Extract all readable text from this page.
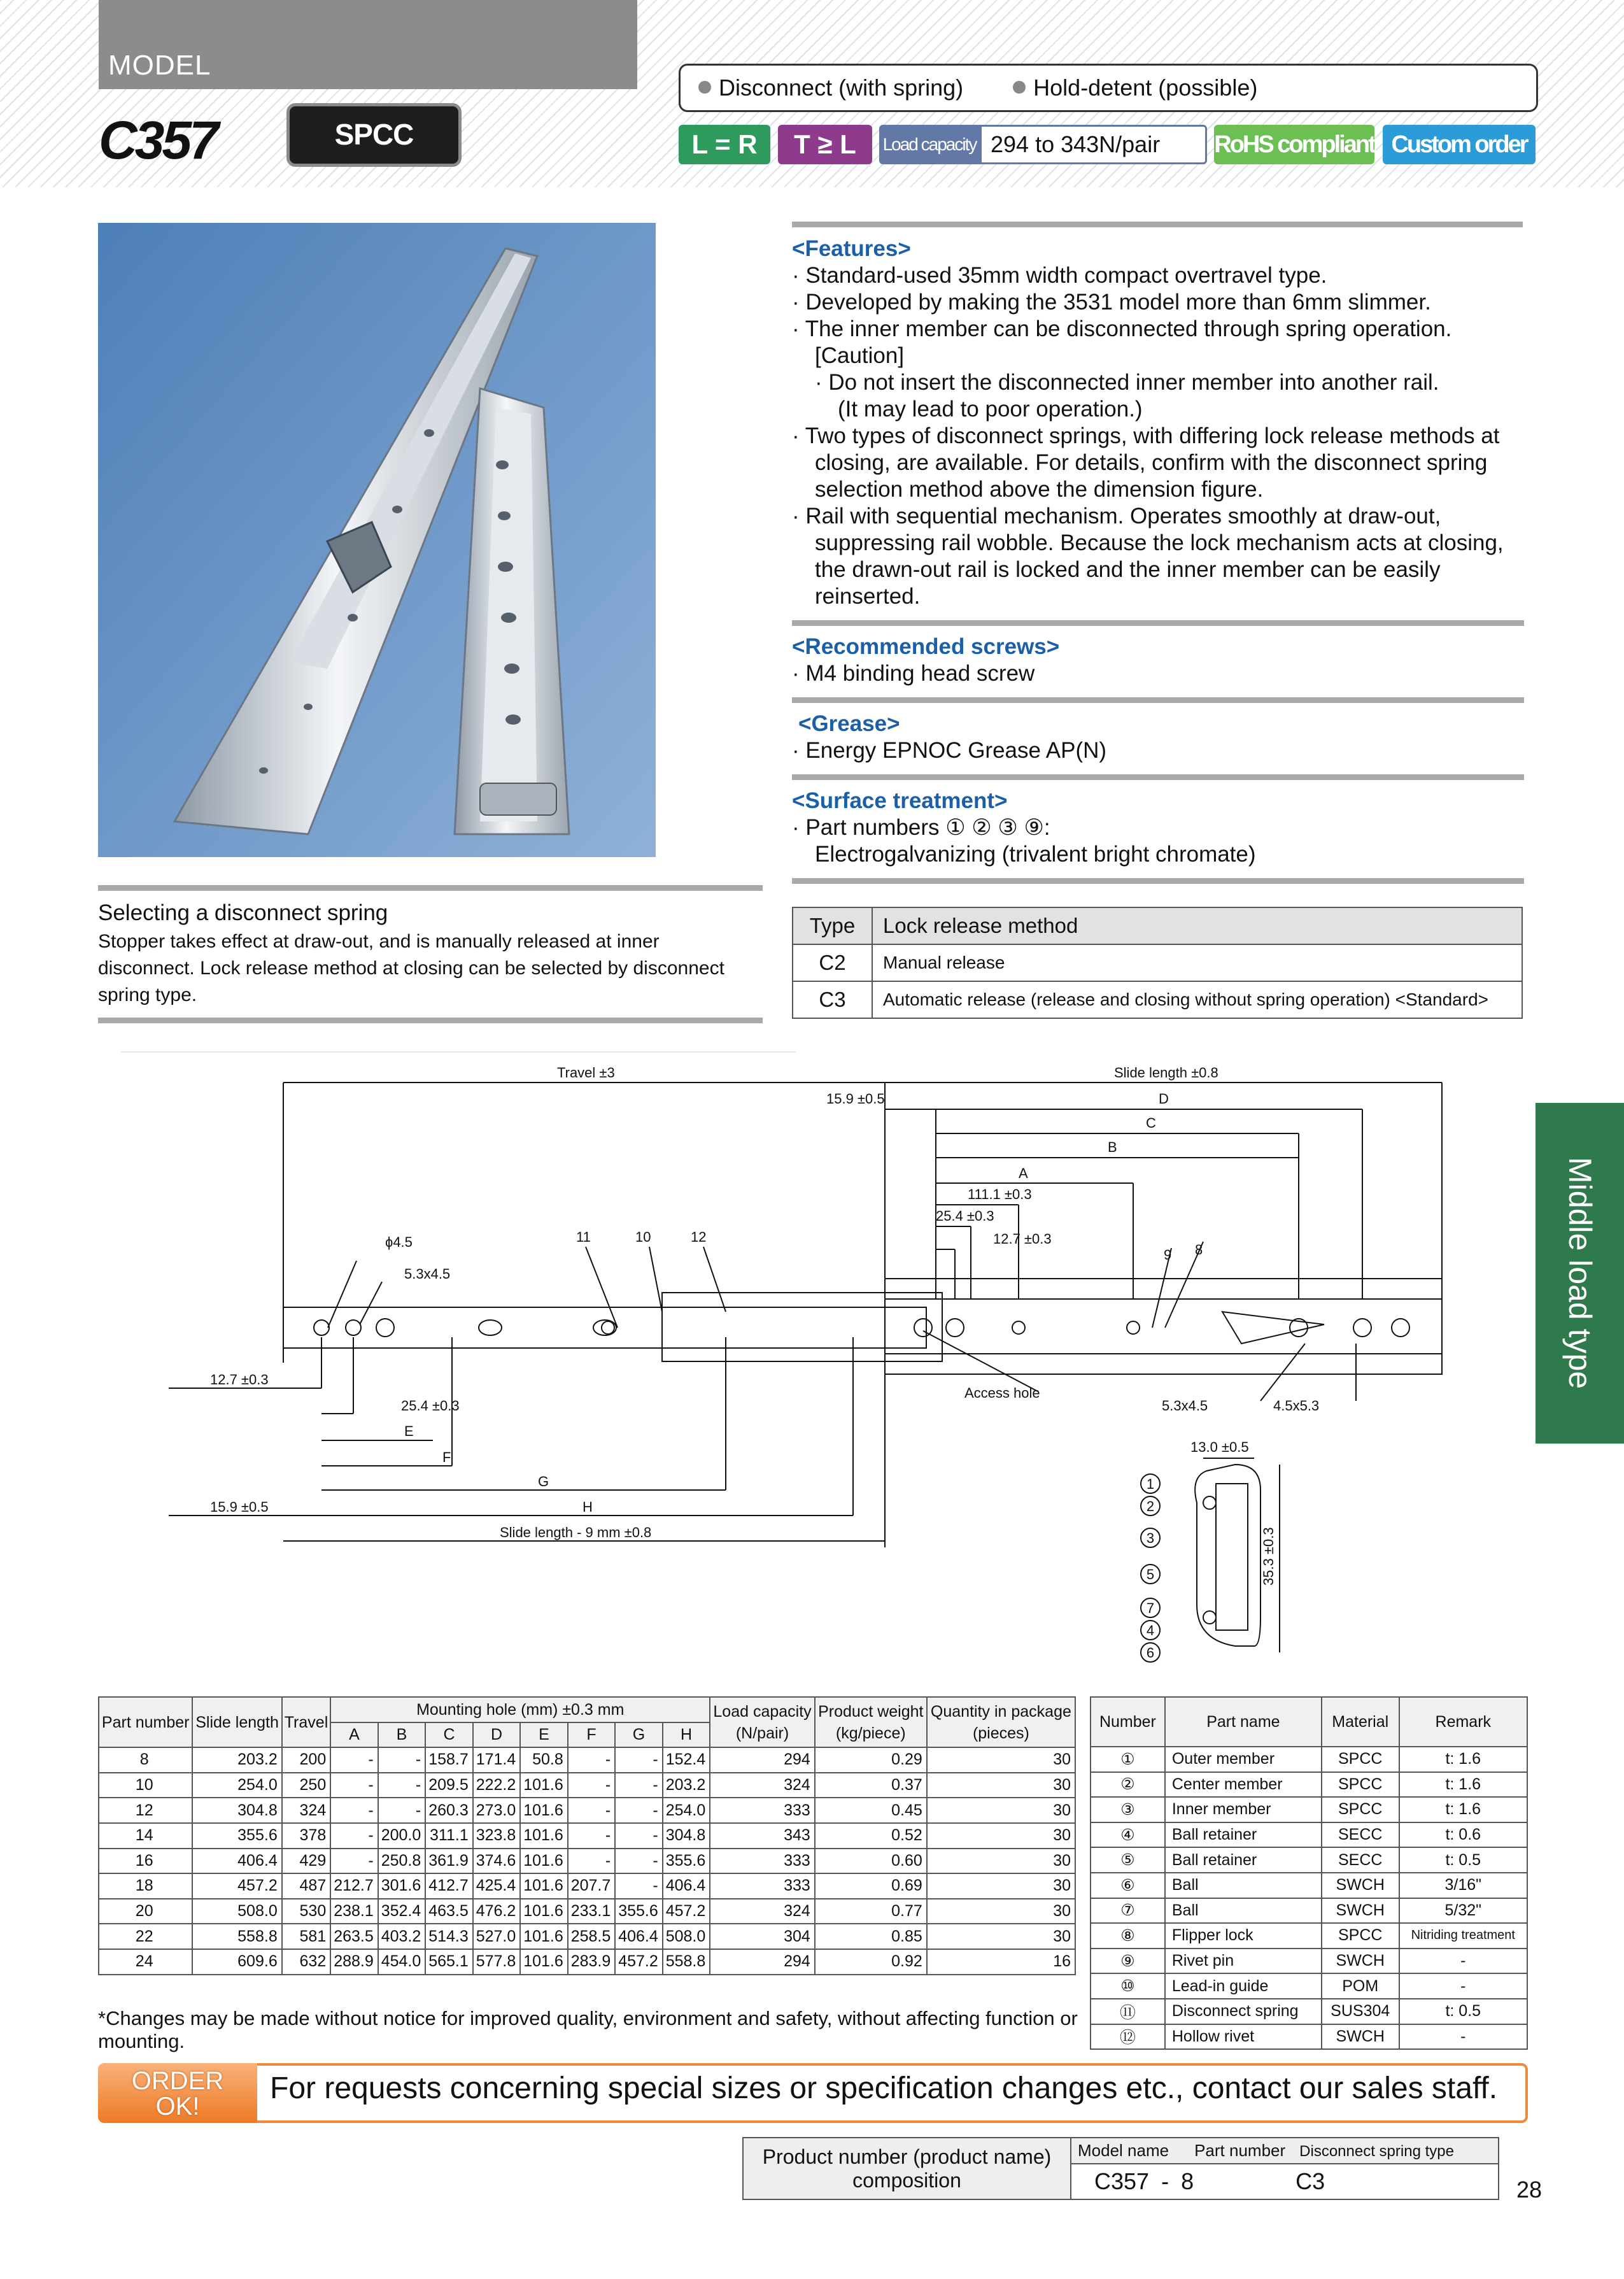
MODEL
C357	SPCC
Disconnect (with spring)	Hold-detent (possible)
L = R	T ≥ L	Load capacity 294 to 343N/pair	RoHS compliant Custom order
<Features>
· Standard-used 35mm width compact overtravel type.
· Developed by making the 3531 model more than 6mm slimmer.
· The inner member can be disconnected through spring operation.
[Caution]
· Do not insert the disconnected inner member into another rail.
(It may lead to poor operation.)
· Two types of disconnect springs, with differing lock release methods at closing, are available. For details, confirm with the disconnect spring selection method above the dimension figure.
· Rail with sequential mechanism. Operates smoothly at draw-out, suppressing rail wobble. Because the lock mechanism acts at closing, the drawn-out rail is locked and the inner member can be easily reinserted.
<Recommended screws>
· M4 binding head screw
<Grease>
· Energy EPNOC Grease AP(N)
<Surface treatment>
· Part numbers ① ② ③ ⑨:
Electrogalvanizing (trivalent bright chromate)
Selecting a disconnect spring
Stopper takes effect at draw-out, and is manually released at inner disconnect. Lock release method at closing can be selected by disconnect spring type.
Type	Lock release method
C2	Manual release
C3	Automatic release (release and closing without spring operation) <Standard>
Travel ±3	Slide length ±0.8
15.9 ±0.5	D
C
B
A
111.1 ±0.3
25.4 ±0.3
12.7 ±0.3
ϕ4.5
5.3x4.5
11	10	12
9 8
12.7 ±0.3
25.4 ±0.3
E
F
G
H
15.9 ±0.5
Slide length - 9 mm ±0.8
Access hole
5.3x4.5	4.5x5.3
13.0 ±0.5
35.3 ±0.3
1
2
3
5
7
4
6
Middle load type
Part number	Slide length	Travel	Mounting hole (mm) ±0.3 mm								Load capacity
(N/pair)	Product weight
(kg/piece)	Quantity in package
(pieces)
			A	B	C	D	E	F	G	H			
8	203.2	200	-	-	158.7	171.4	50.8	-	-	152.4	294	0.29	30
10	254.0	250	-	-	209.5	222.2	101.6	-	-	203.2	324	0.37	30
12	304.8	324	-	-	260.3	273.0	101.6	-	-	254.0	333	0.45	30
14	355.6	378	-	200.0	311.1	323.8	101.6	-	-	304.8	343	0.52	30
16	406.4	429	-	250.8	361.9	374.6	101.6	-	-	355.6	333	0.60	30
18	457.2	487	212.7	301.6	412.7	425.4	101.6	207.7	-	406.4	333	0.69	30
20	508.0	530	238.1	352.4	463.5	476.2	101.6	233.1	355.6	457.2	324	0.77	30
22	558.8	581	263.5	403.2	514.3	527.0	101.6	258.5	406.4	508.0	304	0.85	30
24	609.6	632	288.9	454.0	565.1	577.8	101.6	283.9	457.2	558.8	294	0.92	16
Number	Part name	Material	Remark
①	Outer member	SPCC	t: 1.6
②	Center member	SPCC	t: 1.6
③	Inner member	SPCC	t: 1.6
④	Ball retainer	SECC	t: 0.6
⑤	Ball retainer	SECC	t: 0.5
⑥	Ball	SWCH	3/16"
⑦	Ball	SWCH	5/32"
⑧	Flipper lock	SPCC	Nitriding treatment
⑨	Rivet pin	SWCH	-
⑩	Lead-in guide	POM	-
⑪	Disconnect spring	SUS304	t: 0.5
⑫	Hollow rivet	SWCH	-
*Changes may be made without notice for improved quality, environment and safety, without affecting function or mounting.
ORDER
OK!
For requests concerning special sizes or specification changes etc., contact our sales staff.
Product number (product name) composition	Model name Part number Disconnect spring type
C357 - 8	C3	28
